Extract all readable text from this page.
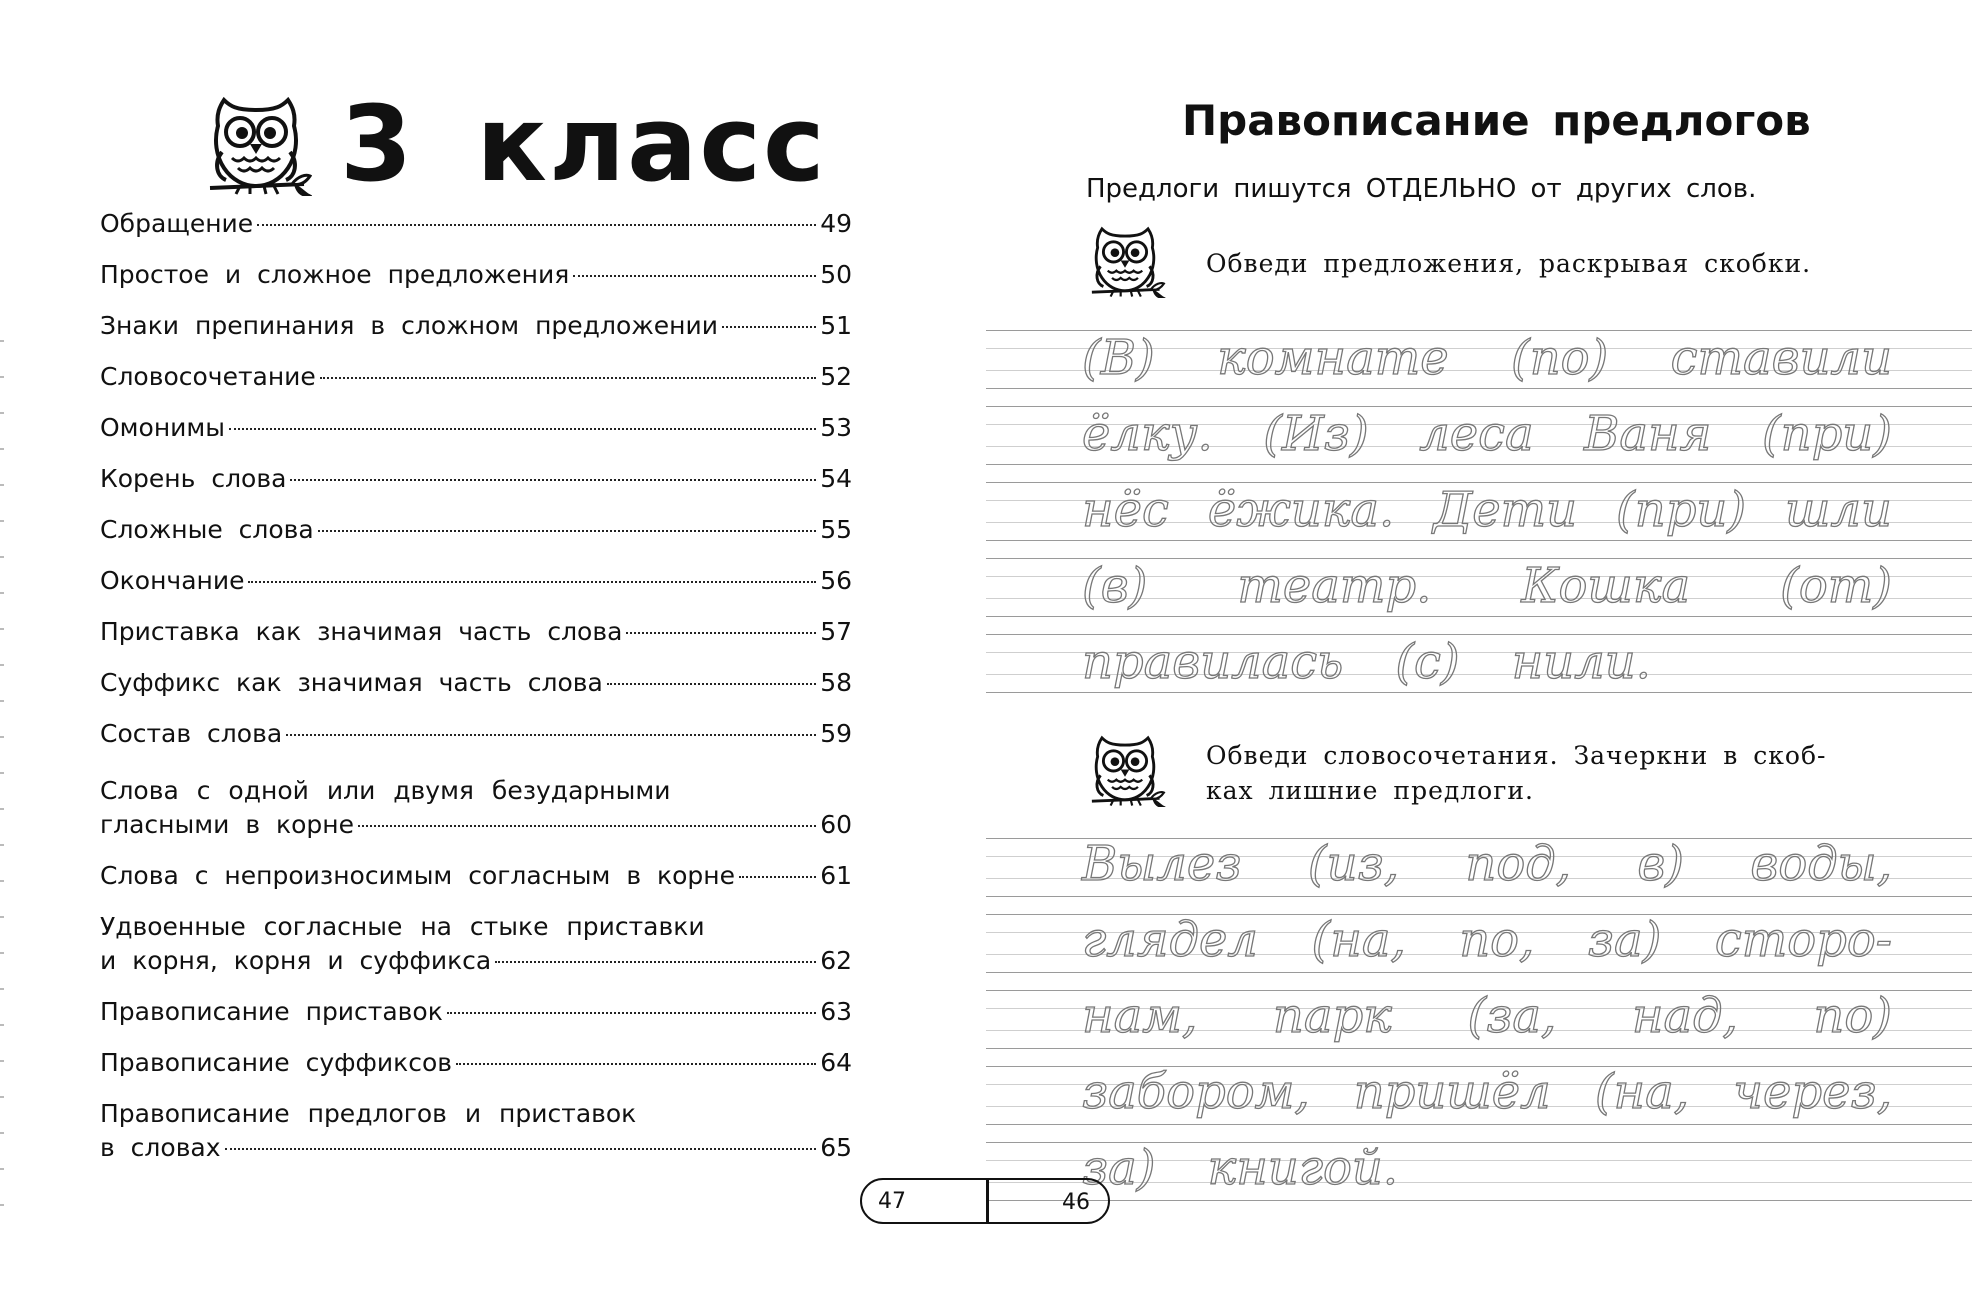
3 класс
Обращение	49
Простое и сложное предложения	50
Знаки препинания в сложном предложении	51
Словосочетание	52
Омонимы	53
Корень слова	54
Сложные слова	55
Окончание	56
Приставка как значимая часть слова	57
Суффикс как значимая часть слова	58
Состав слова	59
Слова с одной или двумя безударными
гласными в корне	60
Слова с непроизносимым согласным в корне	61
Удвоенные согласные на стыке приставки
и корня, корня и суффикса	62
Правописание приставок	63
Правописание суффиксов	64
Правописание предлогов и приставок
в словах	65
Правописание предлогов
Предлоги пишутся ОТДЕЛЬНО от других слов.
Обведи предложения, раскрывая скобки.
(В) комнате (по) ставили
ёлку. (Из) леса Ваня (при)
нёс ёжика. Дети (при) шли
(в) театр. Кошка (от)
правилась (с) нили.
Обведи словосочетания. Зачеркни в скоб-
ках лишние предлоги.
Вылез (из, под, в) воды,
глядел (на, по, за) сторо-
нам, парк (за, над, по)
забором, пришёл (на, через,
за) книгой.
47	46
